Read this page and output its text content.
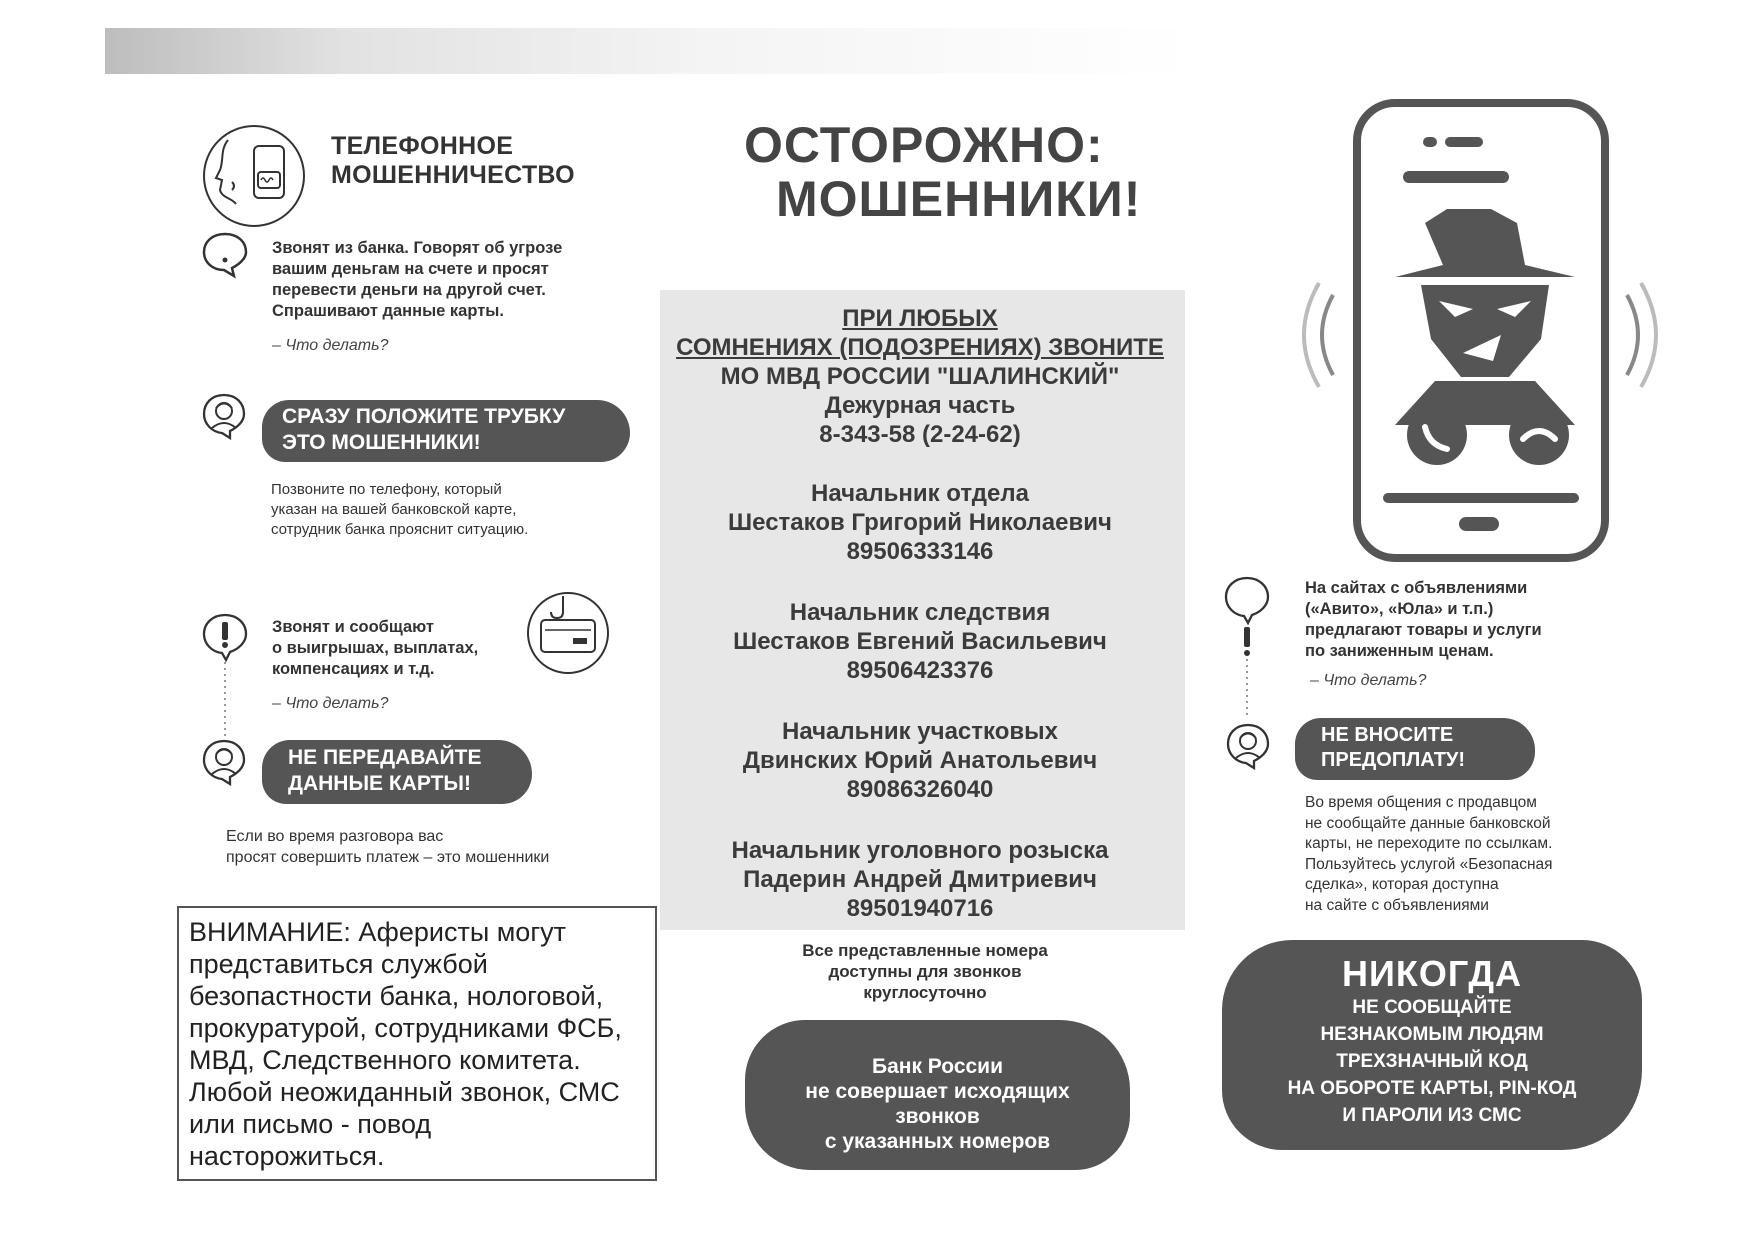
ТЕЛЕФОННОЕ
МОШЕННИЧЕСТВО
Звонят из банка. Говорят об угрозе
вашим деньгам на счете и просят
перевести деньги на другой счет.
Спрашивают данные карты.
– Что делать?
СРАЗУ ПОЛОЖИТЕ ТРУБКУ
ЭТО МОШЕННИКИ!
Позвоните по телефону, который
указан на вашей банковской карте,
сотрудник банка прояснит ситуацию.
Звонят и сообщают
о выигрышах, выплатах,
компенсациях и т.д.
– Что делать?
НЕ ПЕРЕДАВАЙТЕ
ДАННЫЕ КАРТЫ!
Если во время разговора вас
просят совершить платеж – это мошенники
ВНИМАНИЕ: Аферисты могут
представиться службой
безопастности банка, нологовой,
прокуратурой, сотрудниками ФСБ,
МВД, Следственного комитета.
Любой неожиданный звонок, СМС
или письмо - повод
насторожиться.
ОСТОРОЖНО:
МОШЕННИКИ!
ПРИ ЛЮБЫХ
СОМНЕНИЯХ (ПОДОЗРЕНИЯХ) ЗВОНИТЕ
МО МВД РОССИИ "ШАЛИНСКИЙ"
Дежурная часть
8-343-58 (2-24-62)
Начальник отдела
Шестаков Григорий Николаевич
89506333146
Начальник следствия
Шестаков Евгений Васильевич
89506423376
Начальник участковых
Двинских Юрий Анатольевич
89086326040
Начальник уголовного розыска
Падерин Андрей Дмитриевич
89501940716
Все представленные номера
доступны для звонков
круглосуточно
Банк России
не совершает исходящих
звонков
с указанных номеров
На сайтах с объявлениями
(«Авито», «Юла» и т.п.)
предлагают товары и услуги
по заниженным ценам.
– Что делать?
НЕ ВНОСИТЕ
ПРЕДОПЛАТУ!
Во время общения с продавцом
не сообщайте данные банковской
карты, не переходите по ссылкам.
Пользуйтесь услугой «Безопасная
сделка», которая доступна
на сайте с объявлениями
НИКОГДА
НЕ СООБЩАЙТЕ
НЕЗНАКОМЫМ ЛЮДЯМ
ТРЕХЗНАЧНЫЙ КОД
НА ОБОРОТЕ КАРТЫ, PIN-КОД
И ПАРОЛИ ИЗ СМС
